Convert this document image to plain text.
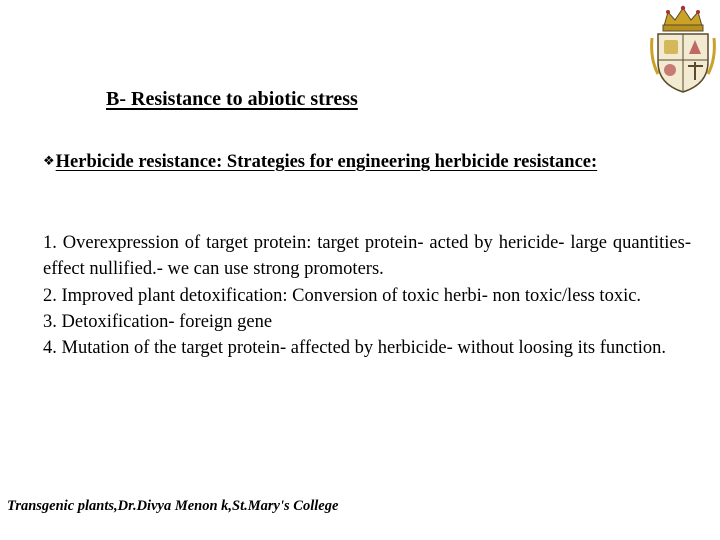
B- Resistance to abiotic stress
❖Herbicide resistance: Strategies for engineering herbicide resistance:

1. Overexpression of target protein: target protein- acted by hericide- large quantities- effect nullified.- we can use strong promoters.

2. Improved plant detoxification: Conversion of toxic herbi- non toxic/less toxic.

3. Detoxification- foreign gene

4. Mutation of the target protein- affected by herbicide- without loosing its function.

Transgenic plants,Dr.Divya Menon k,St.Mary's College
